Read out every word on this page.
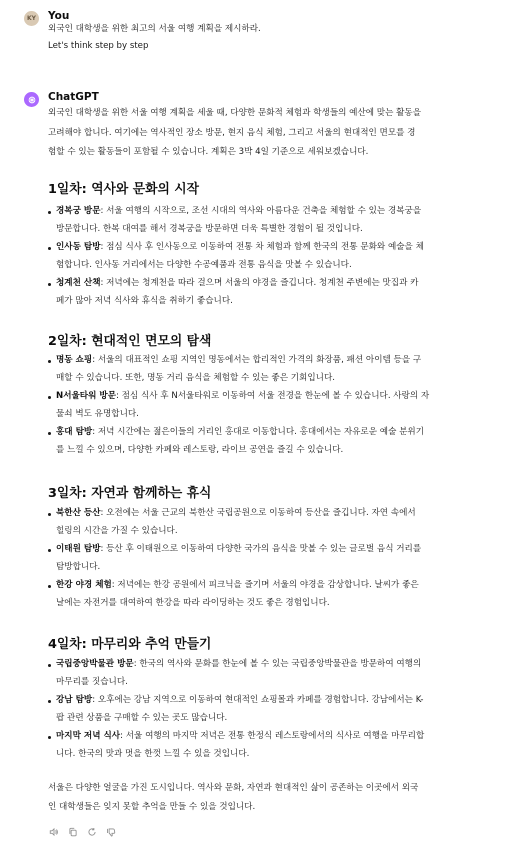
KY You

외국인 대학생을 위한 최고의 서울 여행 계획을 제시하라.

Let's think step by step

ChatGPT

외국인 대학생을 위한 서울 여행 계획을 세울 때, 다양한 문화적 체험과 학생들의 예산에 맞는 활동을

고려해야 합니다. 여기에는 역사적인 장소 방문, 현지 음식 체험, 그리고 서울의 현대적인 면모를 경

험할 수 있는 활동들이 포함될 수 있습니다. 계획은 3박 4일 기준으로 세워보겠습니다.

1일차: 역사와 문화의 시작
경복궁 방문: 서울 여행의 시작으로, 조선 시대의 역사와 아름다운 건축을 체험할 수 있는 경복궁을
방문합니다. 한복 대여를 해서 경복궁을 방문하면 더욱 특별한 경험이 될 것입니다.
인사동 탐방: 점심 식사 후 인사동으로 이동하여 전통 차 체험과 함께 한국의 전통 문화와 예술을 체
험합니다. 인사동 거리에서는 다양한 수공예품과 전통 음식을 맛볼 수 있습니다.
청계천 산책: 저녁에는 청계천을 따라 걸으며 서울의 야경을 즐깁니다. 청계천 주변에는 맛집과 카
페가 많아 저녁 식사와 휴식을 취하기 좋습니다.
2일차: 현대적인 면모의 탐색
명동 쇼핑: 서울의 대표적인 쇼핑 지역인 명동에서는 합리적인 가격의 화장품, 패션 아이템 등을 구
매할 수 있습니다. 또한, 명동 거리 음식을 체험할 수 있는 좋은 기회입니다.
N서울타워 방문: 점심 식사 후 N서울타워로 이동하여 서울 전경을 한눈에 볼 수 있습니다. 사랑의 자
물쇠 벽도 유명합니다.
홍대 탐방: 저녁 시간에는 젊은이들의 거리인 홍대로 이동합니다. 홍대에서는 자유로운 예술 분위기
를 느낄 수 있으며, 다양한 카페와 레스토랑, 라이브 공연을 즐길 수 있습니다.
3일차: 자연과 함께하는 휴식
북한산 등산: 오전에는 서울 근교의 북한산 국립공원으로 이동하여 등산을 즐깁니다. 자연 속에서
힐링의 시간을 가질 수 있습니다.
이태원 탐방: 등산 후 이태원으로 이동하여 다양한 국가의 음식을 맛볼 수 있는 글로벌 음식 거리를
탐방합니다.
한강 야경 체험: 저녁에는 한강 공원에서 피크닉을 즐기며 서울의 야경을 감상합니다. 날씨가 좋은
날에는 자전거를 대여하여 한강을 따라 라이딩하는 것도 좋은 경험입니다.
4일차: 마무리와 추억 만들기
국립중앙박물관 방문: 한국의 역사와 문화를 한눈에 볼 수 있는 국립중앙박물관을 방문하여 여행의
마무리를 짓습니다.
강남 탐방: 오후에는 강남 지역으로 이동하여 현대적인 쇼핑몰과 카페를 경험합니다. 강남에서는 K-
팝 관련 상품을 구매할 수 있는 곳도 많습니다.
마지막 저녁 식사: 서울 여행의 마지막 저녁은 전통 한정식 레스토랑에서의 식사로 여행을 마무리합
니다. 한국의 맛과 멋을 한껏 느낄 수 있을 것입니다.

서울은 다양한 얼굴을 가진 도시입니다. 역사와 문화, 자연과 현대적인 삶이 공존하는 이곳에서 외국

인 대학생들은 잊지 못할 추억을 만들 수 있을 것입니다.
